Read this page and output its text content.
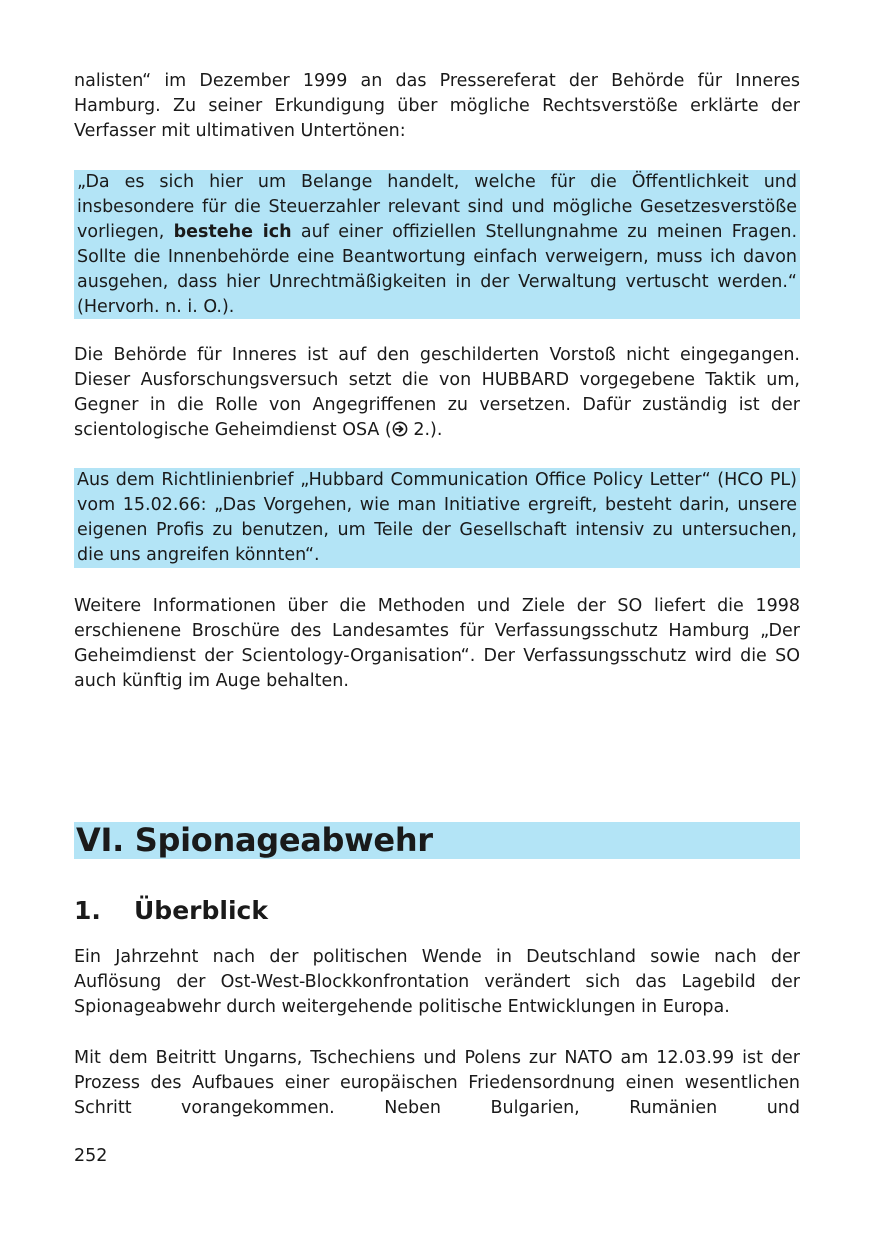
nalisten“ im Dezember 1999 an das Pressereferat der Behörde für Inneres Hamburg. Zu seiner Erkundigung über mögliche Rechtsverstöße erklärte der Verfasser mit ultimativen Untertönen:

„Da es sich hier um Belange handelt, welche für die Öffentlichkeit und insbesondere für die Steuerzahler relevant sind und mögliche Gesetzesverstöße vorliegen, bestehe ich auf einer offiziellen Stellungnahme zu meinen Fragen. Sollte die Innenbehörde eine Beantwortung einfach verweigern, muss ich davon ausgehen, dass hier Unrechtmäßigkeiten in der Verwaltung vertuscht werden.“ (Hervorh. n. i. O.).

Die Behörde für Inneres ist auf den geschilderten Vorstoß nicht eingegangen. Dieser Ausforschungsversuch setzt die von HUBBARD vorgegebene Taktik um, Gegner in die Rolle von Angegriffenen zu versetzen. Dafür zuständig ist der scientologische Geheimdienst OSA ( 2.).

Aus dem Richtlinienbrief „Hubbard Communication Office Policy Letter“ (HCO PL) vom 15.02.66: „Das Vorgehen, wie man Initiative ergreift, besteht darin, unsere eigenen Profis zu benutzen, um Teile der Gesellschaft intensiv zu untersuchen, die uns angreifen könnten“.

Weitere Informationen über die Methoden und Ziele der SO liefert die 1998 erschienene Broschüre des Landesamtes für Verfassungsschutz Hamburg „Der Geheimdienst der Scientology-Organisation“. Der Verfassungsschutz wird die SO auch künftig im Auge behalten.

VI. Spionageabwehr
1. Überblick

Ein Jahrzehnt nach der politischen Wende in Deutschland sowie nach der Auflösung der Ost-West-Blockkonfrontation verändert sich das Lagebild der Spionageabwehr durch weitergehende politische Entwicklungen in Europa.

Mit dem Beitritt Ungarns, Tschechiens und Polens zur NATO am 12.03.99 ist der Prozess des Aufbaues einer europäischen Friedensordnung einen wesentlichen Schritt vorangekommen. Neben Bulgarien, Rumänien und

252
